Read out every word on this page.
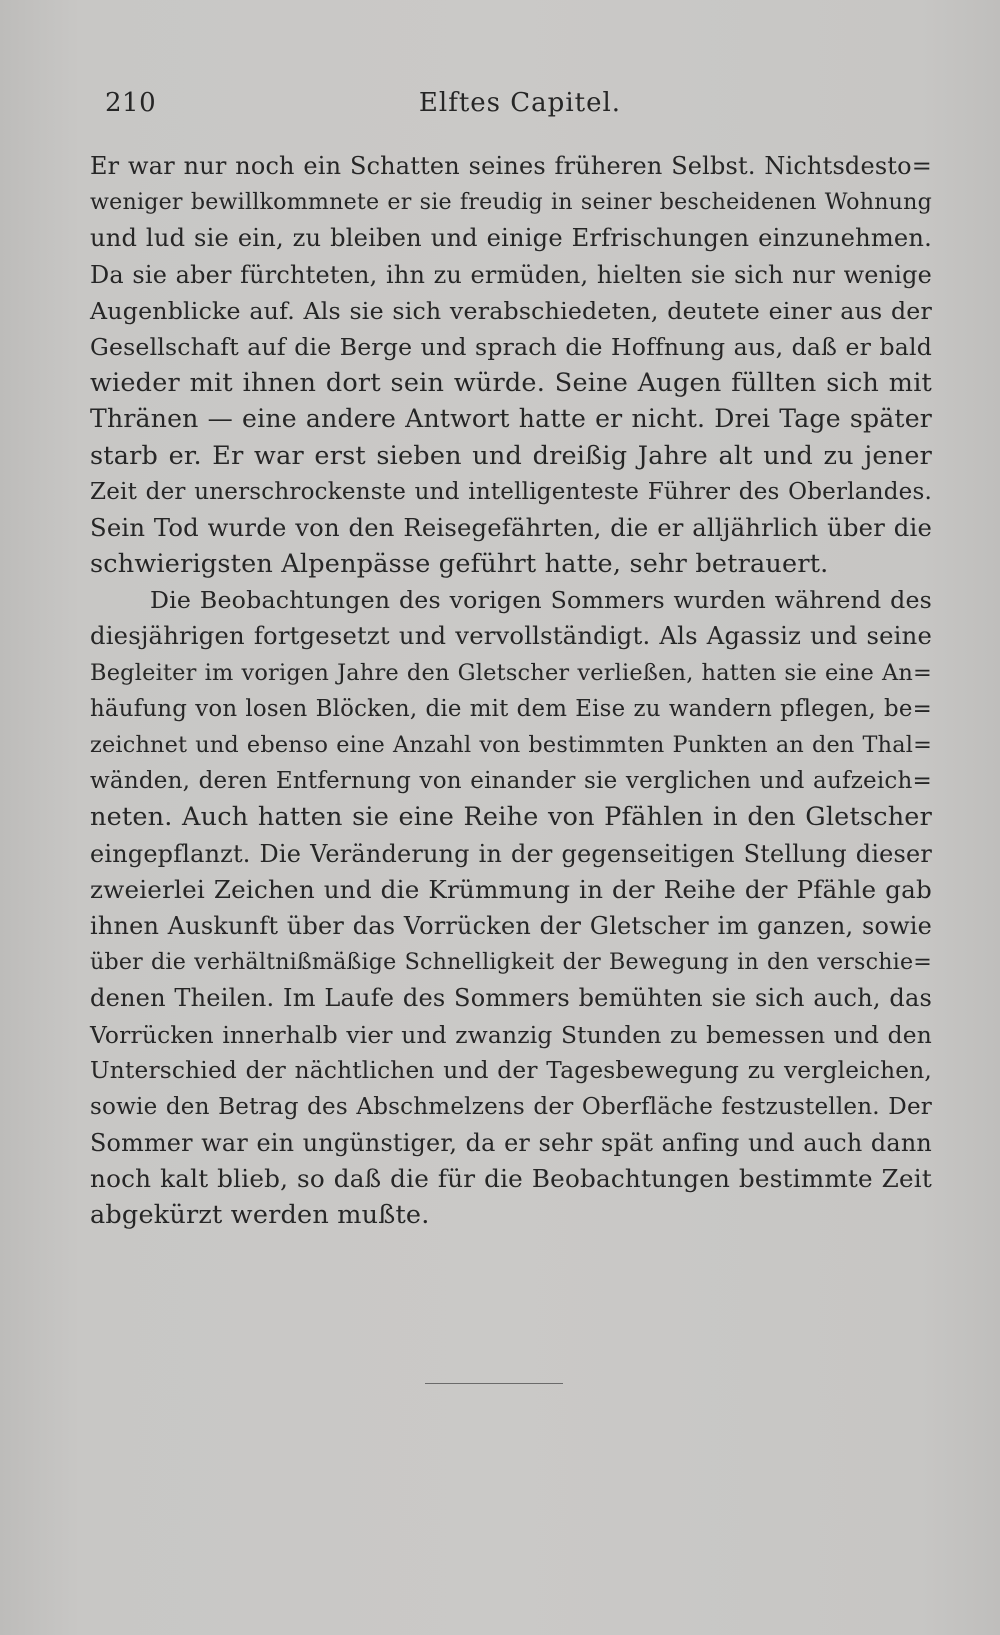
210	Elftes Capitel.
Er war nur noch ein Schatten seines früheren Selbst. Nichtsdesto=
weniger bewillkommnete er sie freudig in seiner bescheidenen Wohnung
und lud sie ein, zu bleiben und einige Erfrischungen einzunehmen.
Da sie aber fürchteten, ihn zu ermüden, hielten sie sich nur wenige
Augenblicke auf. Als sie sich verabschiedeten, deutete einer aus der
Gesellschaft auf die Berge und sprach die Hoffnung aus, daß er bald
wieder mit ihnen dort sein würde. Seine Augen füllten sich mit
Thränen — eine andere Antwort hatte er nicht. Drei Tage später
starb er. Er war erst sieben und dreißig Jahre alt und zu jener
Zeit der unerschrockenste und intelligenteste Führer des Oberlandes.
Sein Tod wurde von den Reisegefährten, die er alljährlich über die
schwierigsten Alpenpässe geführt hatte, sehr betrauert.
Die Beobachtungen des vorigen Sommers wurden während des
diesjährigen fortgesetzt und vervollständigt. Als Agassiz und seine
Begleiter im vorigen Jahre den Gletscher verließen, hatten sie eine An=
häufung von losen Blöcken, die mit dem Eise zu wandern pflegen, be=
zeichnet und ebenso eine Anzahl von bestimmten Punkten an den Thal=
wänden, deren Entfernung von einander sie verglichen und aufzeich=
neten. Auch hatten sie eine Reihe von Pfählen in den Gletscher
eingepflanzt. Die Veränderung in der gegenseitigen Stellung dieser
zweierlei Zeichen und die Krümmung in der Reihe der Pfähle gab
ihnen Auskunft über das Vorrücken der Gletscher im ganzen, sowie
über die verhältnißmäßige Schnelligkeit der Bewegung in den verschie=
denen Theilen. Im Laufe des Sommers bemühten sie sich auch, das
Vorrücken innerhalb vier und zwanzig Stunden zu bemessen und den
Unterschied der nächtlichen und der Tagesbewegung zu vergleichen,
sowie den Betrag des Abschmelzens der Oberfläche festzustellen. Der
Sommer war ein ungünstiger, da er sehr spät anfing und auch dann
noch kalt blieb, so daß die für die Beobachtungen bestimmte Zeit
abgekürzt werden mußte.
